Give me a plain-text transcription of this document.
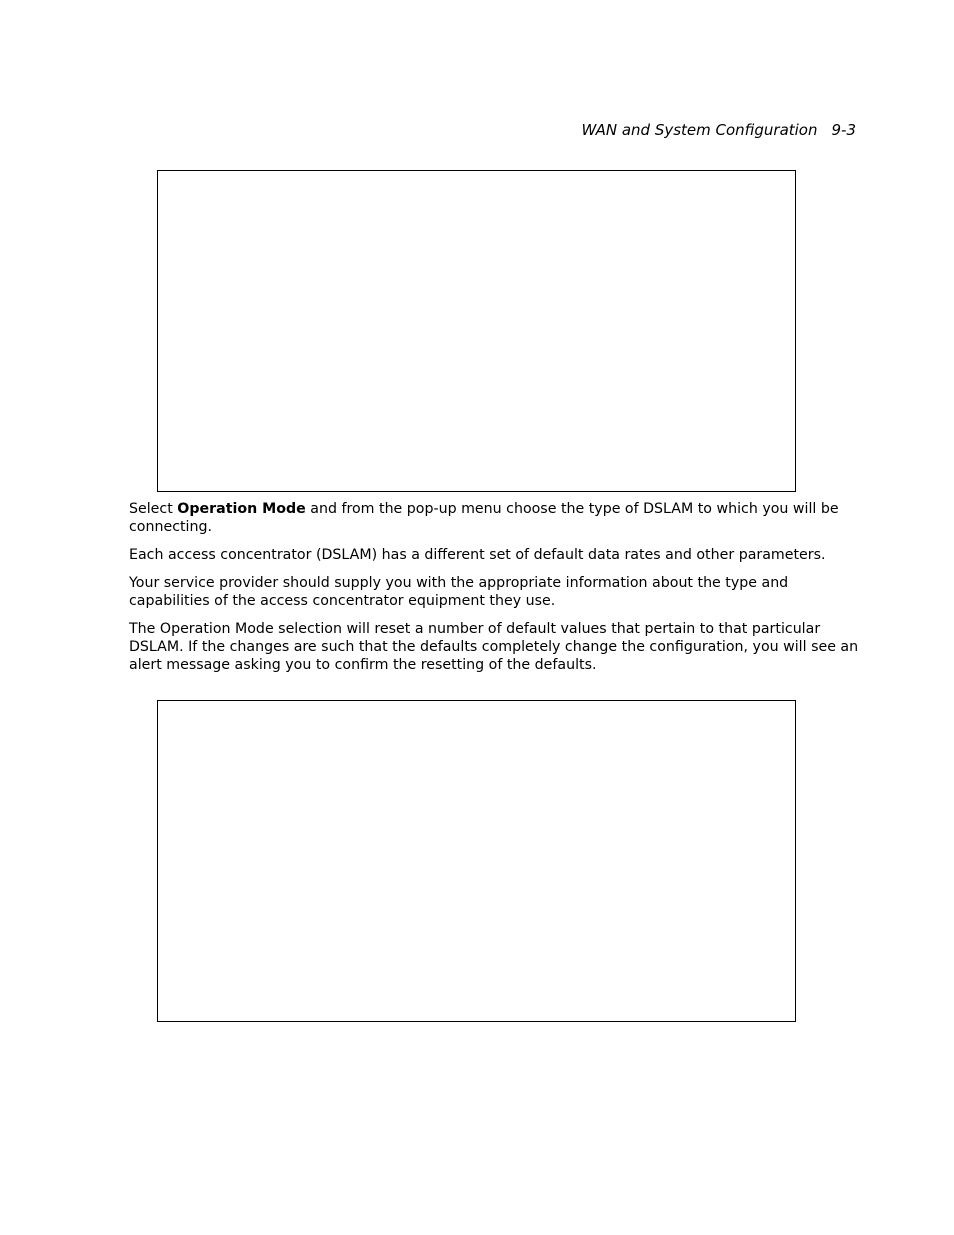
WAN and System Configuration 9-3

Select Operation Mode and from the pop-up menu choose the type of DSLAM to which you will be connecting.

Each access concentrator (DSLAM) has a different set of default data rates and other parameters.

Your service provider should supply you with the appropriate information about the type and capabilities of the access concentrator equipment they use.

The Operation Mode selection will reset a number of default values that pertain to that particular DSLAM. If the changes are such that the defaults completely change the configuration, you will see an alert message asking you to confirm the resetting of the defaults.
